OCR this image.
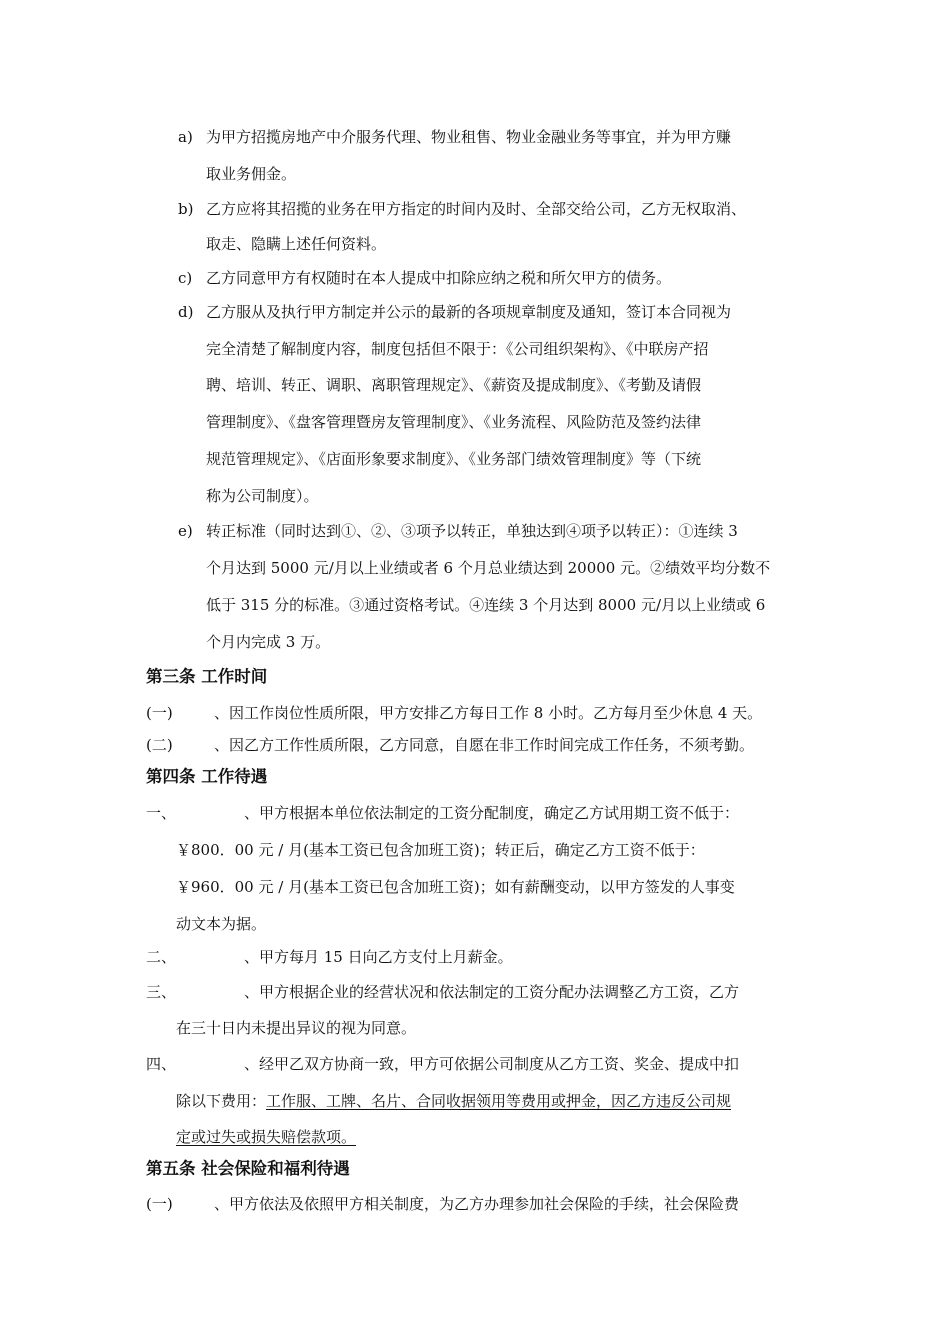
a) 为甲方招揽房地产中介服务代理、物业租售、物业金融业务等事宜，并为甲方赚
取业务佣金。
b) 乙方应将其招揽的业务在甲方指定的时间内及时、全部交给公司，乙方无权取消、
取走、隐瞒上述任何资料。
c) 乙方同意甲方有权随时在本人提成中扣除应纳之税和所欠甲方的债务。
d) 乙方服从及执行甲方制定并公示的最新的各项规章制度及通知，签订本合同视为
完全清楚了解制度内容，制度包括但不限于：《公司组织架构》、《中联房产招
聘、培训、转正、调职、离职管理规定》、《薪资及提成制度》、《考勤及请假
管理制度》、《盘客管理暨房友管理制度》、《业务流程、风险防范及签约法律
规范管理规定》、《店面形象要求制度》、《业务部门绩效管理制度》等（下统
称为公司制度）。
e) 转正标准（同时达到①、②、③项予以转正，单独达到④项予以转正）：①连续 3
个月达到 5000 元/月以上业绩或者 6 个月总业绩达到 20000 元。②绩效平均分数不
低于 315 分的标准。③通过资格考试。④连续 3 个月达到 8000 元/月以上业绩或 6
个月内完成 3 万。
第三条 工作时间
(一)	、因工作岗位性质所限，甲方安排乙方每日工作 8 小时。乙方每月至少休息 4 天。
(二)	、因乙方工作性质所限，乙方同意，自愿在非工作时间完成工作任务，不须考勤。
第四条 工作待遇
一、	、甲方根据本单位依法制定的工资分配制度，确定乙方试用期工资不低于：
￥800．00 元 / 月(基本工资已包含加班工资)；转正后，确定乙方工资不低于：
￥960．00 元 / 月(基本工资已包含加班工资)；如有薪酬变动，以甲方签发的人事变
动文本为据。
二、	、甲方每月 15 日向乙方支付上月薪金。
三、	、甲方根据企业的经营状况和依法制定的工资分配办法调整乙方工资，乙方
在三十日内未提出异议的视为同意。
四、	、经甲乙双方协商一致，甲方可依据公司制度从乙方工资、奖金、提成中扣
除以下费用：工作服、工牌、名片、合同收据领用等费用或押金，因乙方违反公司规
定或过失或损失赔偿款项。
第五条 社会保险和福利待遇
(一)	、甲方依法及依照甲方相关制度，为乙方办理参加社会保险的手续，社会保险费
